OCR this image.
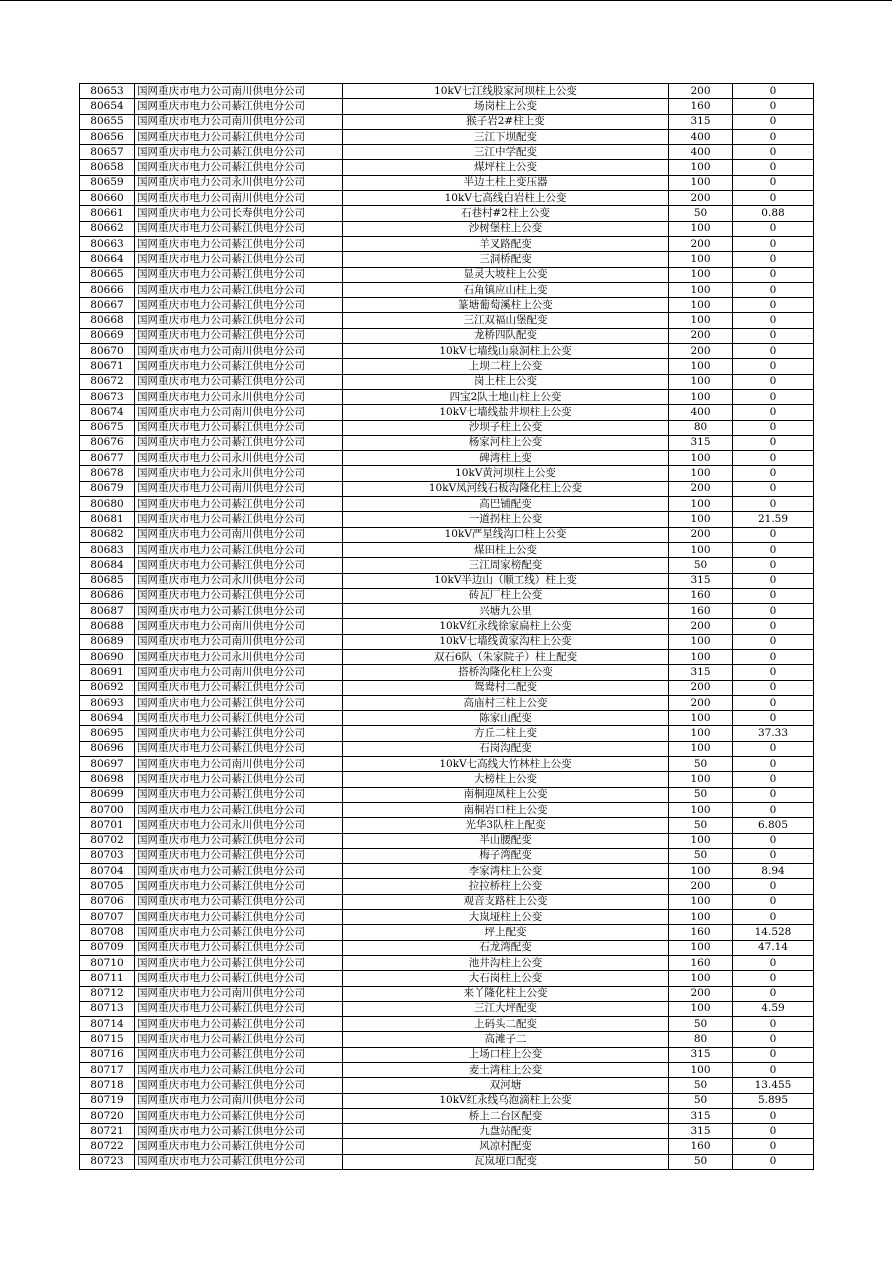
80653	国网重庆市电力公司南川供电分公司	10kV七江线股家河坝柱上公变	200	0
80654	国网重庆市电力公司綦江供电分公司	场岗柱上公变	160	0
80655	国网重庆市电力公司南川供电分公司	猴子岩2#柱上变	315	0
80656	国网重庆市电力公司綦江供电分公司	三江下坝配变	400	0
80657	国网重庆市电力公司綦江供电分公司	三江中学配变	400	0
80658	国网重庆市电力公司綦江供电分公司	煤坪柱上公变	100	0
80659	国网重庆市电力公司永川供电分公司	半边土柱上变压器	100	0
80660	国网重庆市电力公司南川供电分公司	10kV七高线白岩柱上公变	200	0
80661	国网重庆市电力公司长寿供电分公司	石巷村#2柱上公变	50	0.88
80662	国网重庆市电力公司綦江供电分公司	沙树堡柱上公变	100	0
80663	国网重庆市电力公司綦江供电分公司	羊叉路配变	200	0
80664	国网重庆市电力公司綦江供电分公司	三洞桥配变	100	0
80665	国网重庆市电力公司綦江供电分公司	显灵大坡柱上公变	100	0
80666	国网重庆市电力公司綦江供电分公司	石角镇应山柱上变	100	0
80667	国网重庆市电力公司綦江供电分公司	篆塘葡萄溪柱上公变	100	0
80668	国网重庆市电力公司綦江供电分公司	三江双福山堡配变	100	0
80669	国网重庆市电力公司綦江供电分公司	龙桥四队配变	200	0
80670	国网重庆市电力公司南川供电分公司	10kV七墙线山泉洞柱上公变	200	0
80671	国网重庆市电力公司綦江供电分公司	上坝二柱上公变	100	0
80672	国网重庆市电力公司綦江供电分公司	岗上柱上公变	100	0
80673	国网重庆市电力公司永川供电分公司	四宝2队土地山柱上公变	100	0
80674	国网重庆市电力公司南川供电分公司	10kV七墙线盐井坝柱上公变	400	0
80675	国网重庆市电力公司綦江供电分公司	沙坝子柱上公变	80	0
80676	国网重庆市电力公司綦江供电分公司	杨家河柱上公变	315	0
80677	国网重庆市电力公司永川供电分公司	碑湾柱上变	100	0
80678	国网重庆市电力公司永川供电分公司	10kV黄河坝柱上公变	100	0
80679	国网重庆市电力公司南川供电分公司	10kV凤河线石板沟隆化柱上公变	200	0
80680	国网重庆市电力公司綦江供电分公司	高巴铺配变	100	0
80681	国网重庆市电力公司綦江供电分公司	一道拐柱上公变	100	21.59
80682	国网重庆市电力公司南川供电分公司	10kV严星线沟口柱上公变	200	0
80683	国网重庆市电力公司綦江供电分公司	煤田柱上公变	100	0
80684	国网重庆市电力公司綦江供电分公司	三江周家榜配变	50	0
80685	国网重庆市电力公司永川供电分公司	10kV半边山（顺工线）柱上变	315	0
80686	国网重庆市电力公司綦江供电分公司	砖瓦厂柱上公变	160	0
80687	国网重庆市电力公司綦江供电分公司	兴塘九公里	160	0
80688	国网重庆市电力公司南川供电分公司	10kV红永线徐家扁柱上公变	200	0
80689	国网重庆市电力公司南川供电分公司	10kV七墙线黄家沟柱上公变	100	0
80690	国网重庆市电力公司永川供电分公司	双石6队（朱家院子）柱上配变	100	0
80691	国网重庆市电力公司南川供电分公司	搭桥沟隆化柱上公变	315	0
80692	国网重庆市电力公司綦江供电分公司	鸳鸯村二配变	200	0
80693	国网重庆市电力公司綦江供电分公司	高庙村三柱上公变	200	0
80694	国网重庆市电力公司綦江供电分公司	陈家山配变	100	0
80695	国网重庆市电力公司綦江供电分公司	方丘二柱上变	100	37.33
80696	国网重庆市电力公司綦江供电分公司	石岗沟配变	100	0
80697	国网重庆市电力公司南川供电分公司	10kV七高线大竹林柱上公变	50	0
80698	国网重庆市电力公司綦江供电分公司	大榜柱上公变	100	0
80699	国网重庆市电力公司綦江供电分公司	南桐迎凤柱上公变	50	0
80700	国网重庆市电力公司綦江供电分公司	南桐岩口柱上公变	100	0
80701	国网重庆市电力公司永川供电分公司	光华3队柱上配变	50	6.805
80702	国网重庆市电力公司綦江供电分公司	半山腰配变	100	0
80703	国网重庆市电力公司綦江供电分公司	梅子湾配变	50	0
80704	国网重庆市电力公司綦江供电分公司	李家湾柱上公变	100	8.94
80705	国网重庆市电力公司綦江供电分公司	拉拉桥柱上公变	200	0
80706	国网重庆市电力公司綦江供电分公司	观音支路柱上公变	100	0
80707	国网重庆市电力公司綦江供电分公司	大岚垭柱上公变	100	0
80708	国网重庆市电力公司綦江供电分公司	坪上配变	160	14.528
80709	国网重庆市电力公司綦江供电分公司	石龙湾配变	100	47.14
80710	国网重庆市电力公司綦江供电分公司	池井沟柱上公变	160	0
80711	国网重庆市电力公司綦江供电分公司	大石岗柱上公变	100	0
80712	国网重庆市电力公司南川供电分公司	来丫隆化柱上公变	200	0
80713	国网重庆市电力公司綦江供电分公司	三江大坪配变	100	4.59
80714	国网重庆市电力公司綦江供电分公司	上码头二配变	50	0
80715	国网重庆市电力公司綦江供电分公司	高滩子二	80	0
80716	国网重庆市电力公司綦江供电分公司	上场口柱上公变	315	0
80717	国网重庆市电力公司綦江供电分公司	麦土湾柱上公变	100	0
80718	国网重庆市电力公司綦江供电分公司	双河塘	50	13.455
80719	国网重庆市电力公司南川供电分公司	10kV红永线乌泡滴柱上公变	50	5.895
80720	国网重庆市电力公司綦江供电分公司	桥上二台区配变	315	0
80721	国网重庆市电力公司綦江供电分公司	九盘站配变	315	0
80722	国网重庆市电力公司綦江供电分公司	风凉村配变	160	0
80723	国网重庆市电力公司綦江供电分公司	瓦岚垭口配变	50	0
